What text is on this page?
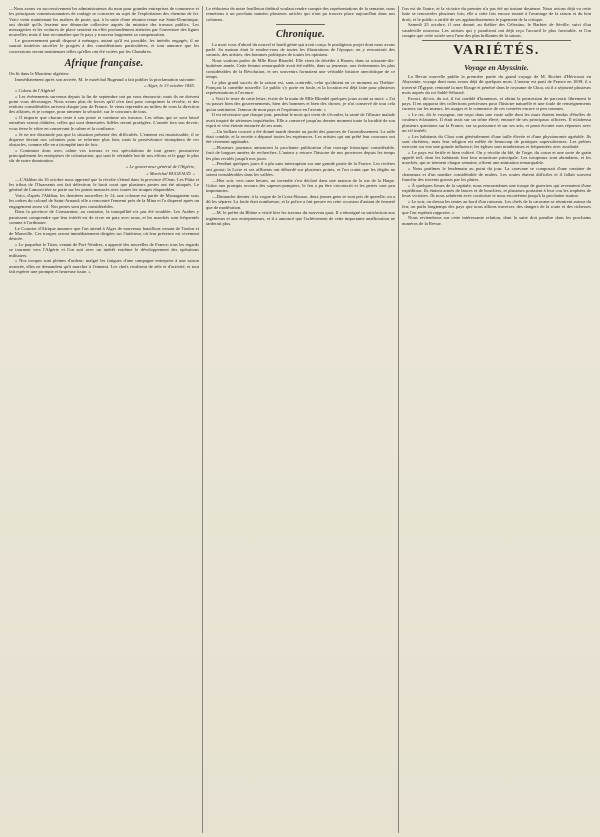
—Nous avons vu successivement les administrateurs du mon pour grandes entreprises de commerce et les principaux commissionnaires de roulage se concerter au sujet de l'exploitation des chemins de fer. Voici venir maintenant les maîtres de poste, qui, à la suite d'une réunion tenue rue Saint-Dominique, ont décidé qu'ils feraient une démarche collective auprès du ministre des travaux publics. Les messageries et les voitures de place seraient en effet profondément atteintes par l'ouverture des lignes nouvelles; mais il faut reconnaître que le pays y trouvera largement sa compensation.

Le gouvernement paraît disposé à ménager, autant qu'il est possible, les intérêts engagés; il ne saurait toutefois sacrifier le progrès à des considérations particulières, et tout annonce que les concessions seront maintenues telles qu'elles ont été votées par les Chambres.

Afrique française.

On lit dans le Moniteur algérien:

Immédiatement après son arrivée, M. le maréchal Bugeaud a fait publier la proclamation suivante:

« Alger, le 13 octobre 1845.

« Colons de l'Algérie!

« Les événements survenus depuis la fin de septembre ont pu vous émouvoir; mais ils ne doivent point vous décourager. Nous avons plus de forces qu'il n'en faut pour comprimer la révolte, et des renforts considérables arrivent chaque jour de France. Je viens reprendre au milieu de vous la direction des affaires, et je compte, pour ramener la sécurité, sur le concours de tous.

« Il importe que chacun reste à son poste et continue ses travaux. Les tribus qui se sont laissé entraîner seront châtiées; celles qui sont demeurées fidèles seront protégées. L'armée fera son devoir; vous ferez le vôtre en conservant le calme et la confiance.

« Je ne me dissimule pas que la situation présente des difficultés. L'ennemi est insaisissable, il se disperse devant nos colonnes pour se reformer plus loin; mais la persévérance triomphera de ces obstacles, comme elle en a triomphé tant de fois.

« Continuez donc avec calme vos travaux et vos spéculations de tout genre; poursuivez principalement les entreprises de colonisation, qui sont le véritable but de nos efforts et le gage le plus sûr de notre domination.

« Le gouverneur général de l'Algérie,
« Maréchal BUGEAUD. »

—L'Akhbar du 16 octobre nous apprend que la révolte s'étend dans la province d'Oran. Les Flitta et les tribus de l'Ouarsenis ont fait défection; le bruit court que plusieurs postes ont été attaqués. Le général de Lamoricière se porte sur les points menacés avec toutes les troupes disponibles.

Voici, d'après l'Akhbar, les dernières nouvelles: le 14, une colonne est partie de Mostaganem sous les ordres du colonel de Saint-Arnaud; elle a rencontré l'ennemi près de la Mina et l'a dispersé après un engagement assez vif. Nos pertes sont peu considérables.

Dans la province de Constantine, au contraire, la tranquillité n'a pas été troublée. Les Arabes y paraissent comprendre que leur intérêt est de vivre en paix avec nous, et les marchés sont fréquentés comme à l'ordinaire.

Le Courrier d'Afrique annonce que l'on attend à Alger de nouveaux bataillons venant de Toulon et de Marseille. Ces troupes seront immédiatement dirigées sur l'intérieur, où leur présence est vivement désirée.

« Le paquebot le Titan, venant de Port-Vendres, a apporté des nouvelles de France; tous les regards se tournent vers l'Algérie et l'on suit avec un intérêt extrême le développement des opérations militaires.

« Nos troupes sont pleines d'ardeur; malgré les fatigues d'une campagne entreprise à une saison avancée, elles ne demandent qu'à marcher à l'ennemi. Les chefs rivalisent de zèle et d'activité, et tout fait espérer une prompte et heureuse issue. »

Le rédacteur de notre feuilleton théâtral voulant rendre compte des représentations de la semaine, nous remettons à un prochain numéro plusieurs articles qui n'ont pu trouver place aujourd'hui dans nos colonnes.

Chronique.

La mort vous d'abord du nouvel et hardi génie qui avait conçu le prodigieux projet dont nous avons parlé. Sa maison était le rendez-vous de toutes les illustrations de l'époque; on y rencontrait des savants, des artistes, des hommes politiques de toutes les opinions.

Nous voulons parler de Mlle Rose Blondel. Elle vient de décéder à Rouen, dans sa soixante-dix-huitième année. Cette femme remarquable avait été mêlée, dans sa jeunesse, aux événements les plus considérables de la Révolution, et ses souvenirs formaient une véritable histoire anecdotique de ce temps.

Le plus grand succès de la saison est, sans contredit, celui qu'obtient en ce moment au Théâtre-Français la comédie nouvelle. Le public s'y porte en foule, et la location est déjà faite pour plusieurs représentations à l'avance.

« Voici le texte de cette lettre, écrite de la main de Mlle Blondel quelques jours avant sa mort: « J'ai vu passer bien des gouvernements, bien des hommes et bien des choses; je n'ai conservé de tout cela qu'un sentiment: l'amour de mon pays et l'espérance en l'avenir. »

Il est nécessaire que chaque jour, pendant le mois qui vient de s'écouler, la santé de l'illustre malade avait inspiré de sérieuses inquiétudes. Elle a conservé jusqu'au dernier moment toute la lucidité de son esprit et s'est éteinte entourée de ses amis.

—Un brillant concert a été donné mardi dernier au profit des pauvres de l'arrondissement. La salle était comble, et la recette a dépassé toutes les espérances. Les artistes qui ont prêté leur concours ont été vivement applaudis.

—Plusieurs journaux annoncent la prochaine publication d'un ouvrage historique considérable, fruit de longues années de recherches. L'auteur y retrace l'histoire de nos provinces depuis les temps les plus reculés jusqu'à nos jours.

—Pendant quelques jours il a plu sans interruption sur une grande partie de la France. Les rivières ont grossi; la Loire et ses affluents ont débordé sur plusieurs points, et l'on craint que les dégâts ne soient considérables dans les vallées.

—Hier soir, vers onze heures, un incendie s'est déclaré dans une maison de la rue de la Harpe. Grâce aux prompts secours des sapeurs-pompiers, le feu a pu être circonscrit et les pertes sont peu importantes.

—Dimanche dernier, à la vogue de la Croix-Rousse, deux jeunes gens se sont pris de querelle; on a dû les séparer. La foule était nombreuse, et la police a fait preuve en cette occasion d'autant de fermeté que de modération.

—M. le préfet du Rhône a visité hier les travaux du nouveau quai. Il a témoigné sa satisfaction aux ingénieurs et aux entrepreneurs, et il a annoncé que l'achèvement de cette importante amélioration ne tarderait plus.

l'on est de l'autre, et la victoire du premier n'a pas été un instant douteuse. Nous avions déjà vu cette lutte se renouveler plusieurs fois; elle a cette fois encore tourné à l'avantage de la raison et du bon droit, et le public a ratifié de ses applaudissements le jugement de la critique.

Samedi 25 octobre, il sera donné, au théâtre des Célestins, le Barbier de Séville, suivi d'un vaudeville nouveau. Les artistes qui y paraîtront ont déjà reçu l'accueil le plus favorable, et l'on compte que cette soirée sera l'une des plus brillantes de la saison.

VARIÉTÉS.
Voyage en Abyssinie.

La Revue nouvelle publie la première partie du grand voyage de M. Rochet d'Héricourt en Abyssinie, voyage dont nous avons déjà dit quelques mots. L'auteur est parti de France en 1839; il a traversé l'Égypte, remonté la mer Rouge et pénétré dans le royaume de Choa, où il a séjourné plusieurs mois auprès du roi Sahlé-Sélassié.

Favori, dit-on, du roi, il fut comblé d'honneurs, et obtint la permission de parcourir librement le pays. Il en rapporta des collections précieuses pour l'histoire naturelle et une foule de renseignements curieux sur les mœurs, les usages et le commerce de ces contrées encore si peu connues.

« Le roi, dit le voyageur, me reçut dans une vaste salle dont les murs étaient tendus d'étoffes de couleurs éclatantes. Il était assis sur un trône élevé, entouré de ses principaux officiers. Il m'adressa plusieurs questions sur la France, sur sa puissance et sur ses arts, et parut écouter mes réponses avec un vif intérêt.

« Les habitants du Choa sont généralement d'une taille élevée et d'une physionomie agréable. Ils sont chrétiens, mais leur religion est mêlée de beaucoup de pratiques superstitieuses. Les prêtres exercent sur eux une grande influence; les églises sont nombreuses et fréquentées avec assiduité.

« Le pays est fertile et bien cultivé. On y récolte du blé, de l'orge, du coton et une sorte de grain appelé teff, dont les habitants font leur nourriture principale. Les troupeaux sont abondants, et les marchés, qui se tiennent chaque semaine, offrent une animation remarquable.

« Nous partîmes le lendemain au point du jour. La caravane se composait d'une centaine de chameaux et d'un nombre considérable de mulets. Les routes étaient difficiles et il fallait souvent franchir des torrents grossis par les pluies.

« À quelques lieues de la capitale, nous rencontrâmes une troupe de guerriers qui revenaient d'une expédition. Ils étaient armés de lances et de boucliers, et plusieurs portaient à leur cou les trophées de leurs victoires. Ils nous saluèrent avec courtoisie et nous escortèrent jusqu'à la prochaine station.

« Le soir, on dressa les tentes au bord d'un ruisseau. Les chefs de la caravane se réunirent autour du feu; on parla longtemps des pays que nous allions traverser, des dangers de la route et des richesses que l'on espérait rapporter. »

Nous reviendrons sur cette intéressante relation, dont la suite doit paraître dans les prochains numéros de la Revue.
